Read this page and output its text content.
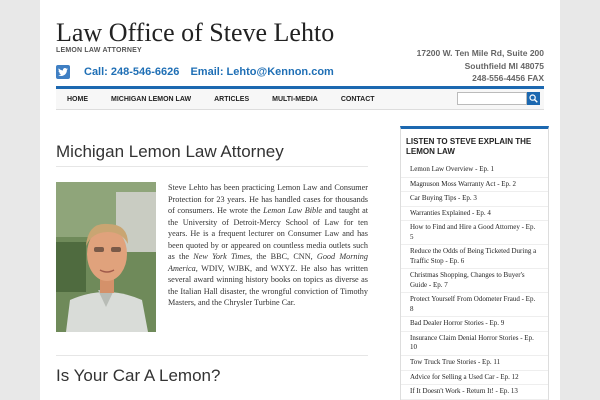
Law Office of Steve Lehto
LEMON LAW ATTORNEY	17200 W. Ten Mile Rd, Suite 200
Southfield MI 48075
248-556-4456 FAX
Call: 248-546-6626 Email: Lehto@Kennon.com
HOME	MICHIGAN LEMON LAW	ARTICLES	MULTI-MEDIA	CONTACT
Michigan Lemon Law Attorney
Steve Lehto has been practicing Lemon Law and Consumer Protection for 23 years. He has handled cases for thousands of consumers. He wrote the Lemon Law Bible and taught at the University of Detroit-Mercy School of Law for ten years. He is a frequent lecturer on Consumer Law and has been quoted by or appeared on countless media outlets such as the New York Times, the BBC, CNN, Good Morning America, WDIV, WJBK, and WXYZ. He also has written several award winning history books on topics as diverse as the Italian Hall disaster, the wrongful conviction of Timothy Masters, and the Chrysler Turbine Car.
Is Your Car A Lemon?
LISTEN TO STEVE EXPLAIN THE LEMON LAW
Lemon Law Overview - Ep. 1
Magnuson Moss Warranty Act - Ep. 2
Car Buying Tips - Ep. 3
Warranties Explained - Ep. 4
How to Find and Hire a Good Attorney - Ep. 5
Reduce the Odds of Being Ticketed During a Traffic Stop - Ep. 6
Christmas Shopping, Changes to Buyer's Guide - Ep. 7
Protect Yourself From Odometer Fraud - Ep. 8
Bad Dealer Horror Stories - Ep. 9
Insurance Claim Denial Horror Stories - Ep. 10
Tow Truck True Stories - Ep. 11
Advice for Selling a Used Car - Ep. 12
If It Doesn't Work - Return It! - Ep. 13
